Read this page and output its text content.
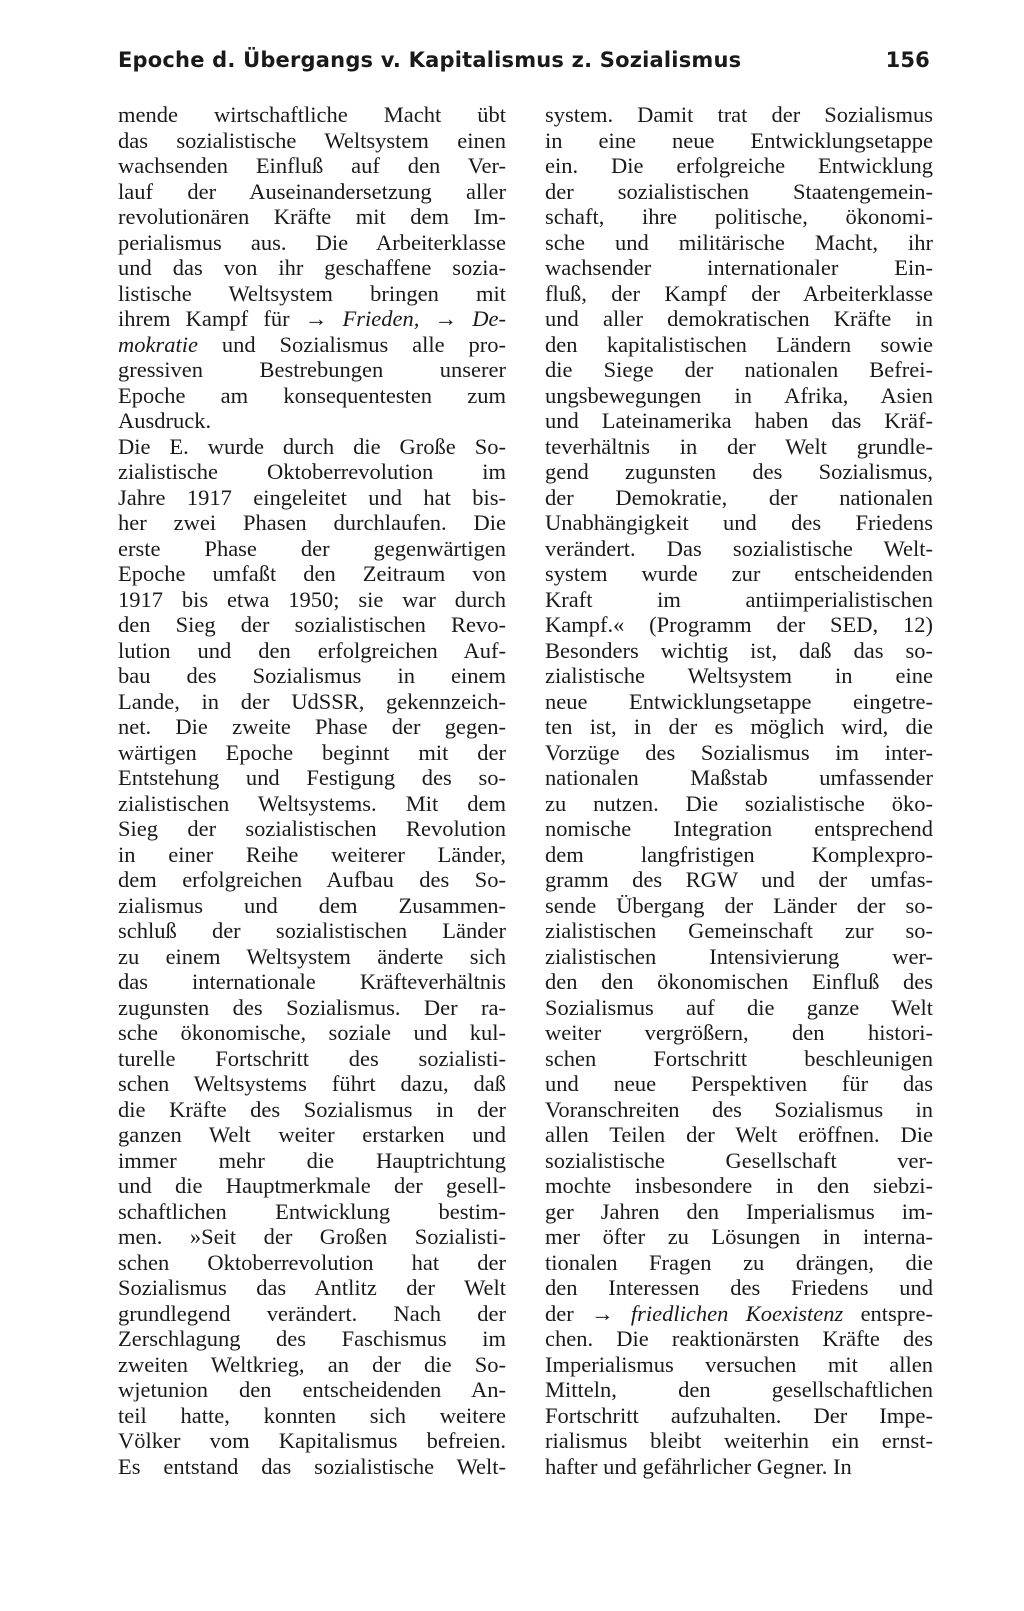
Epoche d. Übergangs v. Kapitalismus z. Sozialismus	156
mende wirtschaftliche Macht übt
das sozialistische Weltsystem einen
wachsenden Einfluß auf den Ver-
lauf der Auseinandersetzung aller
revolutionären Kräfte mit dem Im-
perialismus aus. Die Arbeiterklasse
und das von ihr geschaffene sozia-
listische Weltsystem bringen mit
ihrem Kampf für → Frieden, → De-
mokratie und Sozialismus alle pro-
gressiven Bestrebungen unserer
Epoche am konsequentesten zum
Ausdruck.
Die E. wurde durch die Große So-
zialistische Oktoberrevolution im
Jahre 1917 eingeleitet und hat bis-
her zwei Phasen durchlaufen. Die
erste Phase der gegenwärtigen
Epoche umfaßt den Zeitraum von
1917 bis etwa 1950; sie war durch
den Sieg der sozialistischen Revo-
lution und den erfolgreichen Auf-
bau des Sozialismus in einem
Lande, in der UdSSR, gekennzeich-
net. Die zweite Phase der gegen-
wärtigen Epoche beginnt mit der
Entstehung und Festigung des so-
zialistischen Weltsystems. Mit dem
Sieg der sozialistischen Revolution
in einer Reihe weiterer Länder,
dem erfolgreichen Aufbau des So-
zialismus und dem Zusammen-
schluß der sozialistischen Länder
zu einem Weltsystem änderte sich
das internationale Kräfteverhältnis
zugunsten des Sozialismus. Der ra-
sche ökonomische, soziale und kul-
turelle Fortschritt des sozialisti-
schen Weltsystems führt dazu, daß
die Kräfte des Sozialismus in der
ganzen Welt weiter erstarken und
immer mehr die Hauptrichtung
und die Hauptmerkmale der gesell-
schaftlichen Entwicklung bestim-
men. »Seit der Großen Sozialisti-
schen Oktoberrevolution hat der
Sozialismus das Antlitz der Welt
grundlegend verändert. Nach der
Zerschlagung des Faschismus im
zweiten Weltkrieg, an der die So-
wjetunion den entscheidenden An-
teil hatte, konnten sich weitere
Völker vom Kapitalismus befreien.
Es entstand das sozialistische Welt-
system. Damit trat der Sozialismus
in eine neue Entwicklungsetappe
ein. Die erfolgreiche Entwicklung
der sozialistischen Staatengemein-
schaft, ihre politische, ökonomi-
sche und militärische Macht, ihr
wachsender internationaler Ein-
fluß, der Kampf der Arbeiterklasse
und aller demokratischen Kräfte in
den kapitalistischen Ländern sowie
die Siege der nationalen Befrei-
ungsbewegungen in Afrika, Asien
und Lateinamerika haben das Kräf-
teverhältnis in der Welt grundle-
gend zugunsten des Sozialismus,
der Demokratie, der nationalen
Unabhängigkeit und des Friedens
verändert. Das sozialistische Welt-
system wurde zur entscheidenden
Kraft im antiimperialistischen
Kampf.« (Programm der SED, 12)
Besonders wichtig ist, daß das so-
zialistische Weltsystem in eine
neue Entwicklungsetappe eingetre-
ten ist, in der es möglich wird, die
Vorzüge des Sozialismus im inter-
nationalen Maßstab umfassender
zu nutzen. Die sozialistische öko-
nomische Integration entsprechend
dem langfristigen Komplexpro-
gramm des RGW und der umfas-
sende Übergang der Länder der so-
zialistischen Gemeinschaft zur so-
zialistischen Intensivierung wer-
den den ökonomischen Einfluß des
Sozialismus auf die ganze Welt
weiter vergrößern, den histori-
schen Fortschritt beschleunigen
und neue Perspektiven für das
Voranschreiten des Sozialismus in
allen Teilen der Welt eröffnen. Die
sozialistische Gesellschaft ver-
mochte insbesondere in den siebzi-
ger Jahren den Imperialismus im-
mer öfter zu Lösungen in interna-
tionalen Fragen zu drängen, die
den Interessen des Friedens und
der → friedlichen Koexistenz entspre-
chen. Die reaktionärsten Kräfte des
Imperialismus versuchen mit allen
Mitteln, den gesellschaftlichen
Fortschritt aufzuhalten. Der Impe-
rialismus bleibt weiterhin ein ernst-
hafter und gefährlicher Gegner. In
